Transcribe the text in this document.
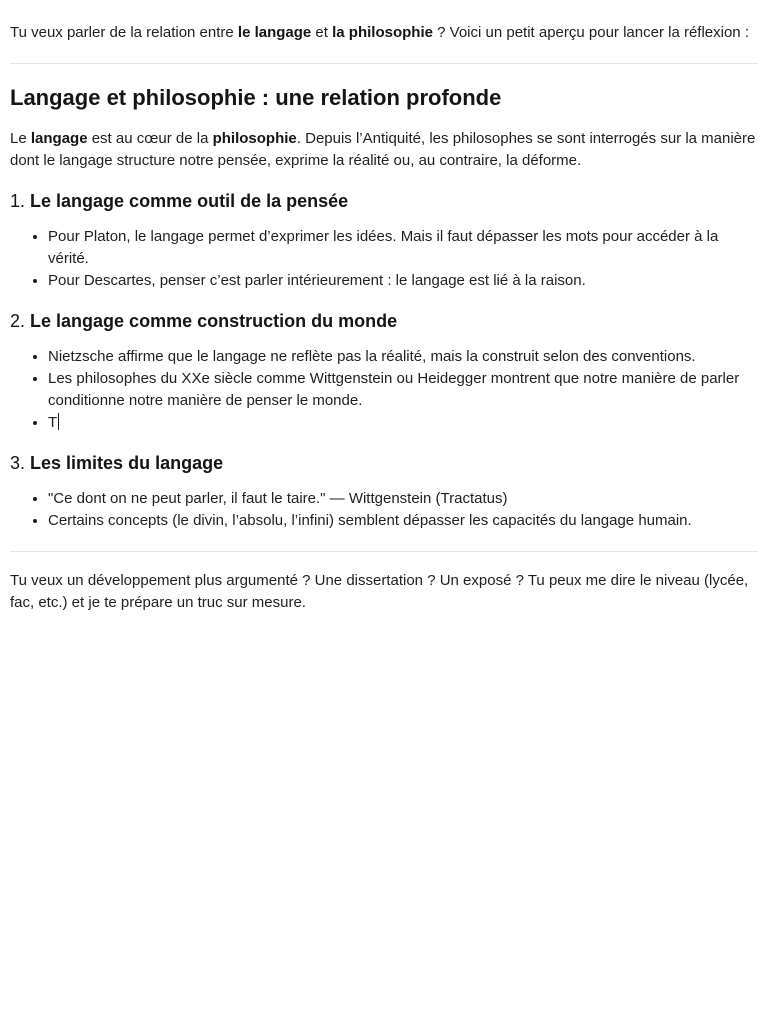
Tu veux parler de la relation entre le langage et la philosophie ? Voici un petit aperçu pour lancer la réflexion :

Langage et philosophie : une relation profonde

Le langage est au cœur de la philosophie. Depuis l’Antiquité, les philosophes se sont interrogés sur la manière dont le langage structure notre pensée, exprime la réalité ou, au contraire, la déforme.

1. Le langage comme outil de la pensée
• Pour Platon, le langage permet d’exprimer les idées. Mais il faut dépasser les mots pour accéder à la vérité.
• Pour Descartes, penser c’est parler intérieurement : le langage est lié à la raison.
2. Le langage comme construction du monde
• Nietzsche affirme que le langage ne reflète pas la réalité, mais la construit selon des conventions.
• Les philosophes du XXe siècle comme Wittgenstein ou Heidegger montrent que notre manière de parler conditionne notre manière de penser le monde.
• T
3. Les limites du langage
• "Ce dont on ne peut parler, il faut le taire." — Wittgenstein (Tractatus)
• Certains concepts (le divin, l’absolu, l’infini) semblent dépasser les capacités du langage humain.

Tu veux un développement plus argumenté ? Une dissertation ? Un exposé ? Tu peux me dire le niveau (lycée, fac, etc.) et je te prépare un truc sur mesure.
